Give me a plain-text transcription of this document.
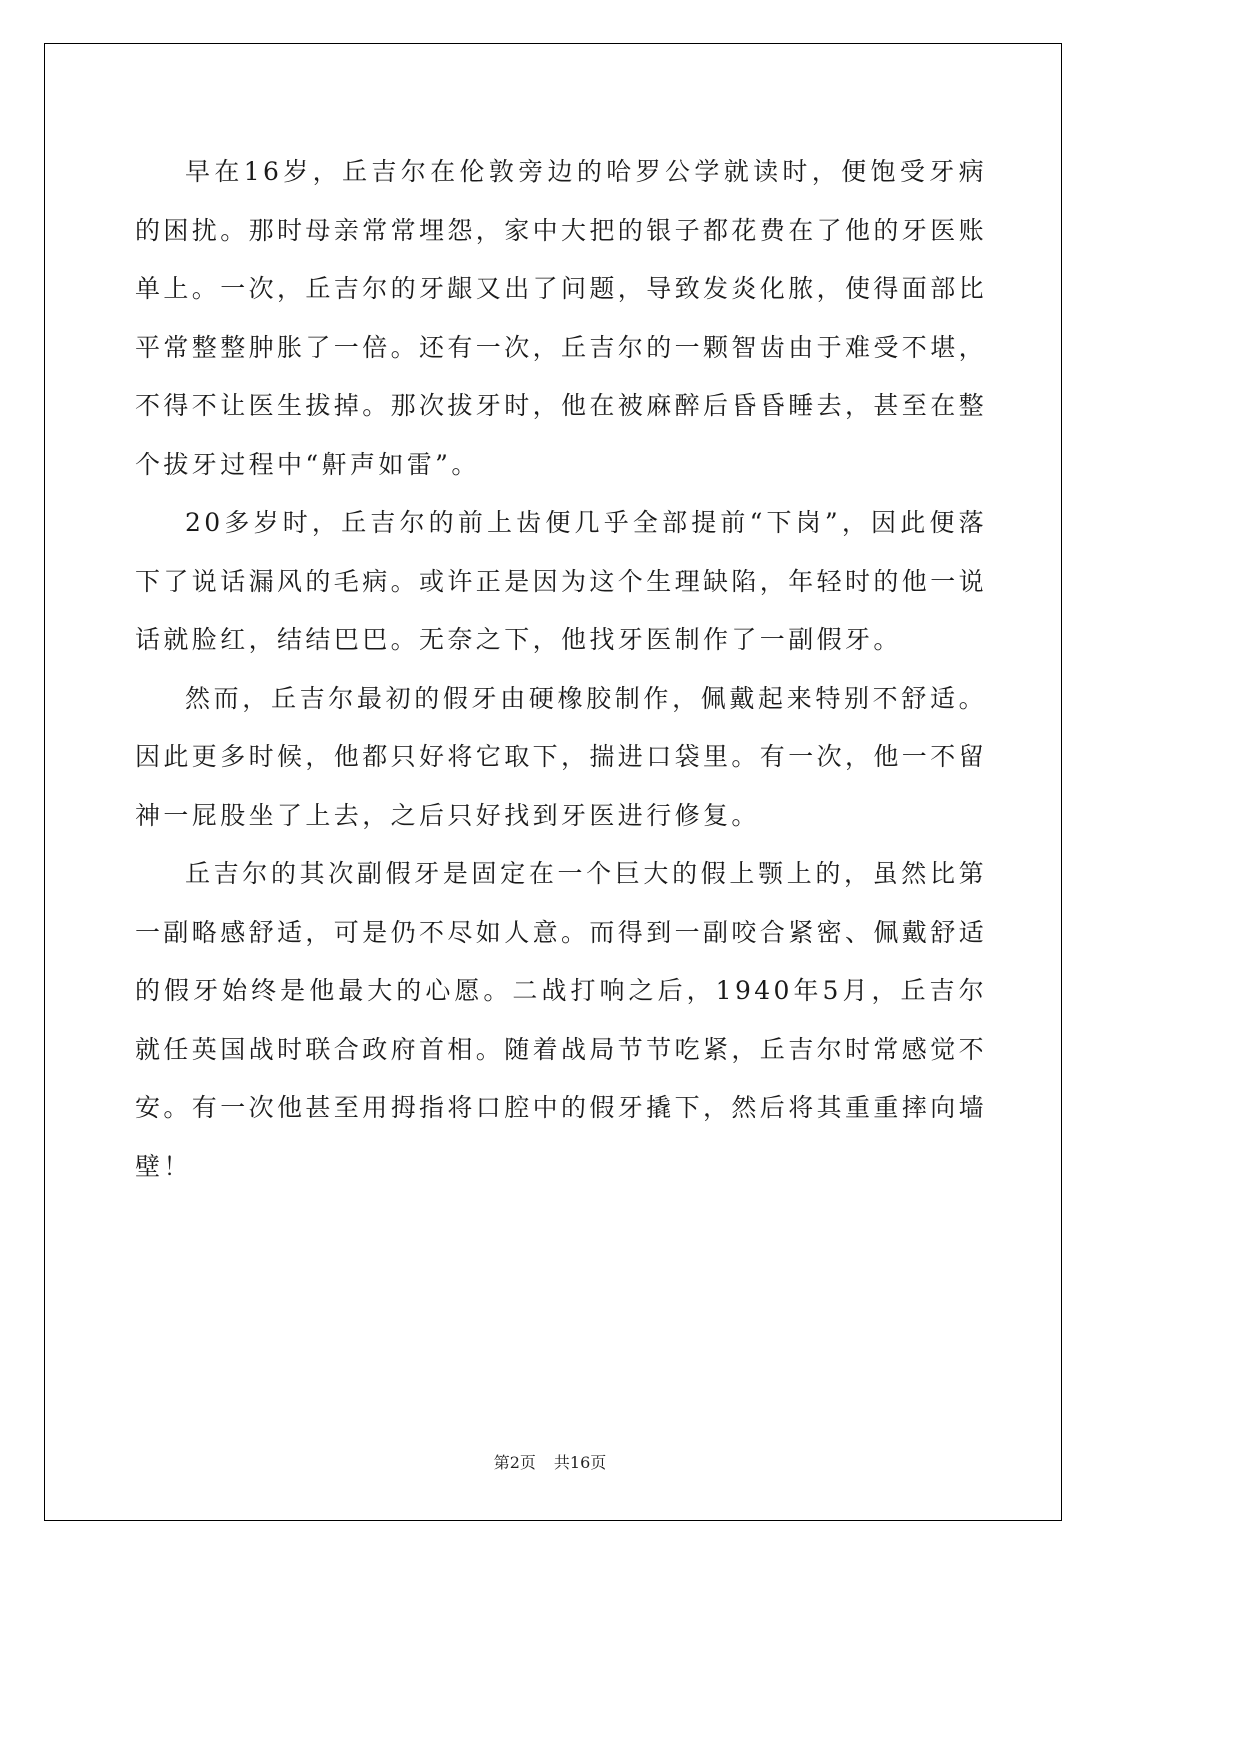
早在16岁，丘吉尔在伦敦旁边的哈罗公学就读时，便饱受牙病的困扰。那时母亲常常埋怨，家中大把的银子都花费在了他的牙医账单上。一次，丘吉尔的牙龈又出了问题，导致发炎化脓，使得面部比平常整整肿胀了一倍。还有一次，丘吉尔的一颗智齿由于难受不堪，不得不让医生拔掉。那次拔牙时，他在被麻醉后昏昏睡去，甚至在整个拔牙过程中“鼾声如雷”。

20多岁时，丘吉尔的前上齿便几乎全部提前“下岗”，因此便落下了说话漏风的毛病。或许正是因为这个生理缺陷，年轻时的他一说话就脸红，结结巴巴。无奈之下，他找牙医制作了一副假牙。

然而，丘吉尔最初的假牙由硬橡胶制作，佩戴起来特别不舒适。因此更多时候，他都只好将它取下，揣进口袋里。有一次，他一不留神一屁股坐了上去，之后只好找到牙医进行修复。

丘吉尔的其次副假牙是固定在一个巨大的假上颚上的，虽然比第一副略感舒适，可是仍不尽如人意。而得到一副咬合紧密、佩戴舒适的假牙始终是他最大的心愿。二战打响之后，1940年5月，丘吉尔就任英国战时联合政府首相。随着战局节节吃紧，丘吉尔时常感觉不安。有一次他甚至用拇指将口腔中的假牙撬下，然后将其重重摔向墙壁！

第2页 共16页
